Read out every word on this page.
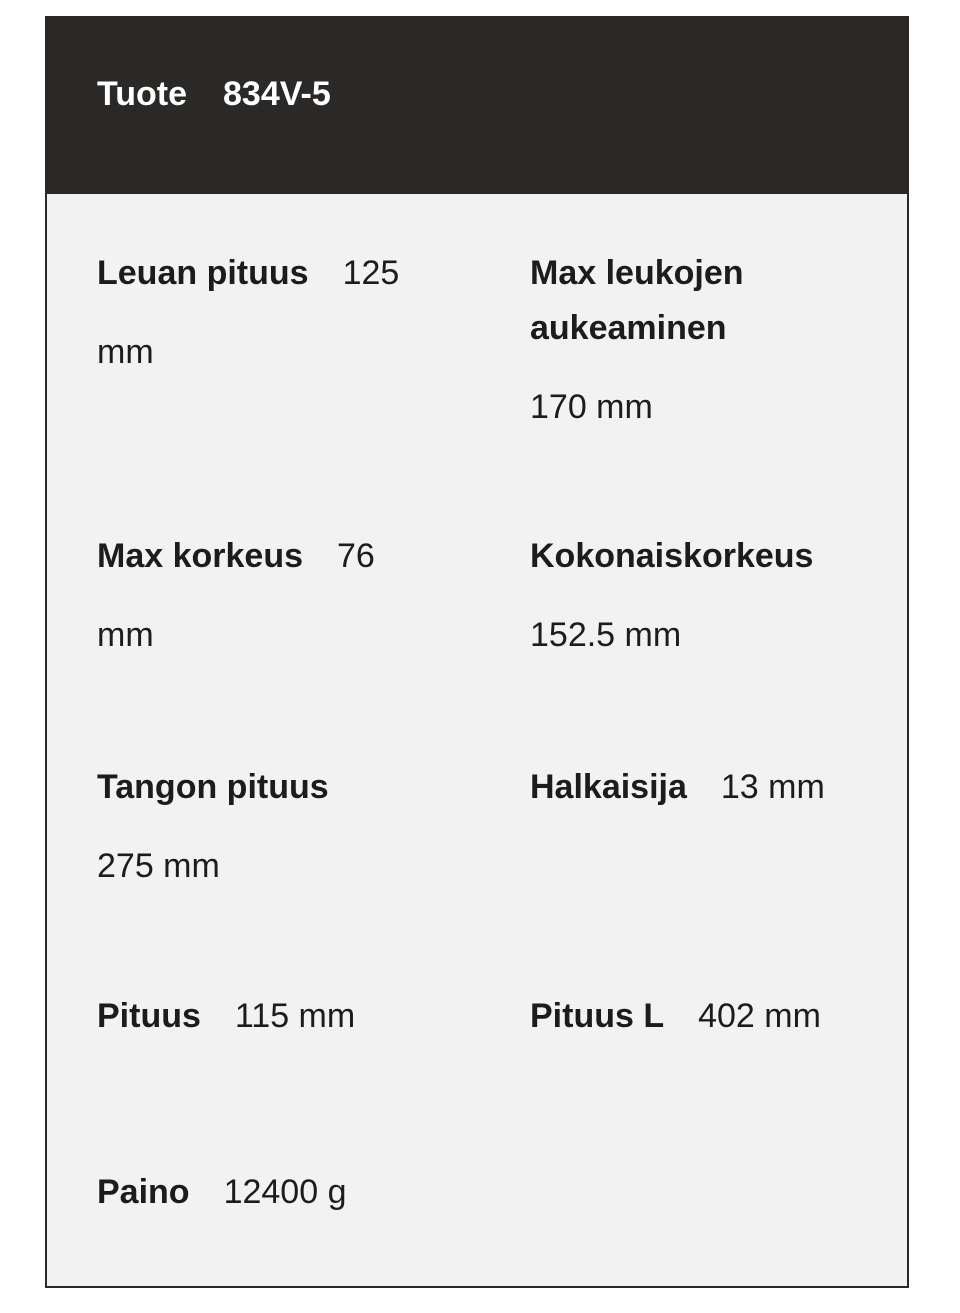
Tuote 834V-5
Leuan pituus 125
mm
Max leukojen aukeaminen
170 mm
Max korkeus 76
mm
Kokonaiskorkeus
152.5 mm
Tangon pituus
275 mm
Halkaisija 13 mm
Pituus 115 mm	Pituus L 402 mm
Paino 12400 g
